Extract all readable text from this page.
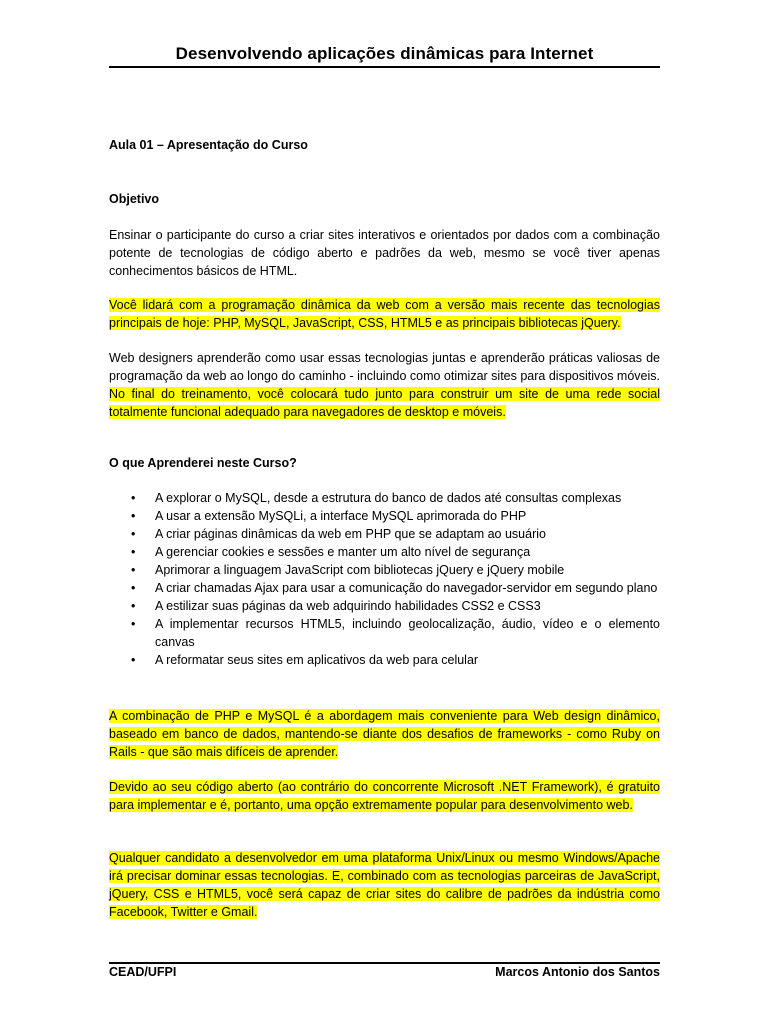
Desenvolvendo aplicações dinâmicas para Internet
Aula 01 – Apresentação do Curso
Objetivo
Ensinar o participante do curso a criar sites interativos e orientados por dados com a combinação potente de tecnologias de código aberto e padrões da web, mesmo se você tiver apenas conhecimentos básicos de HTML.
Você lidará com a programação dinâmica da web com a versão mais recente das tecnologias principais de hoje: PHP, MySQL, JavaScript, CSS, HTML5 e as principais bibliotecas jQuery.
Web designers aprenderão como usar essas tecnologias juntas e aprenderão práticas valiosas de programação da web ao longo do caminho - incluindo como otimizar sites para dispositivos móveis. No final do treinamento, você colocará tudo junto para construir um site de uma rede social totalmente funcional adequado para navegadores de desktop e móveis.
O que Aprenderei neste Curso?
• A explorar o MySQL, desde a estrutura do banco de dados até consultas complexas
• A usar a extensão MySQLi, a interface MySQL aprimorada do PHP
• A criar páginas dinâmicas da web em PHP que se adaptam ao usuário
• A gerenciar cookies e sessões e manter um alto nível de segurança
• Aprimorar a linguagem JavaScript com bibliotecas jQuery e jQuery mobile
• A criar chamadas Ajax para usar a comunicação do navegador-servidor em segundo plano
• A estilizar suas páginas da web adquirindo habilidades CSS2 e CSS3
• A implementar recursos HTML5, incluindo geolocalização, áudio, vídeo e o elemento canvas
• A reformatar seus sites em aplicativos da web para celular
A combinação de PHP e MySQL é a abordagem mais conveniente para Web design dinâmico, baseado em banco de dados, mantendo-se diante dos desafios de frameworks - como Ruby on Rails - que são mais difíceis de aprender.
Devido ao seu código aberto (ao contrário do concorrente Microsoft .NET Framework), é gratuito para implementar e é, portanto, uma opção extremamente popular para desenvolvimento web.
Qualquer candidato a desenvolvedor em uma plataforma Unix/Linux ou mesmo Windows/Apache irá precisar dominar essas tecnologias. E, combinado com as tecnologias parceiras de JavaScript, jQuery, CSS e HTML5, você será capaz de criar sites do calibre de padrões da indústria como Facebook, Twitter e Gmail.
CEAD/UFPI	Marcos Antonio dos Santos
